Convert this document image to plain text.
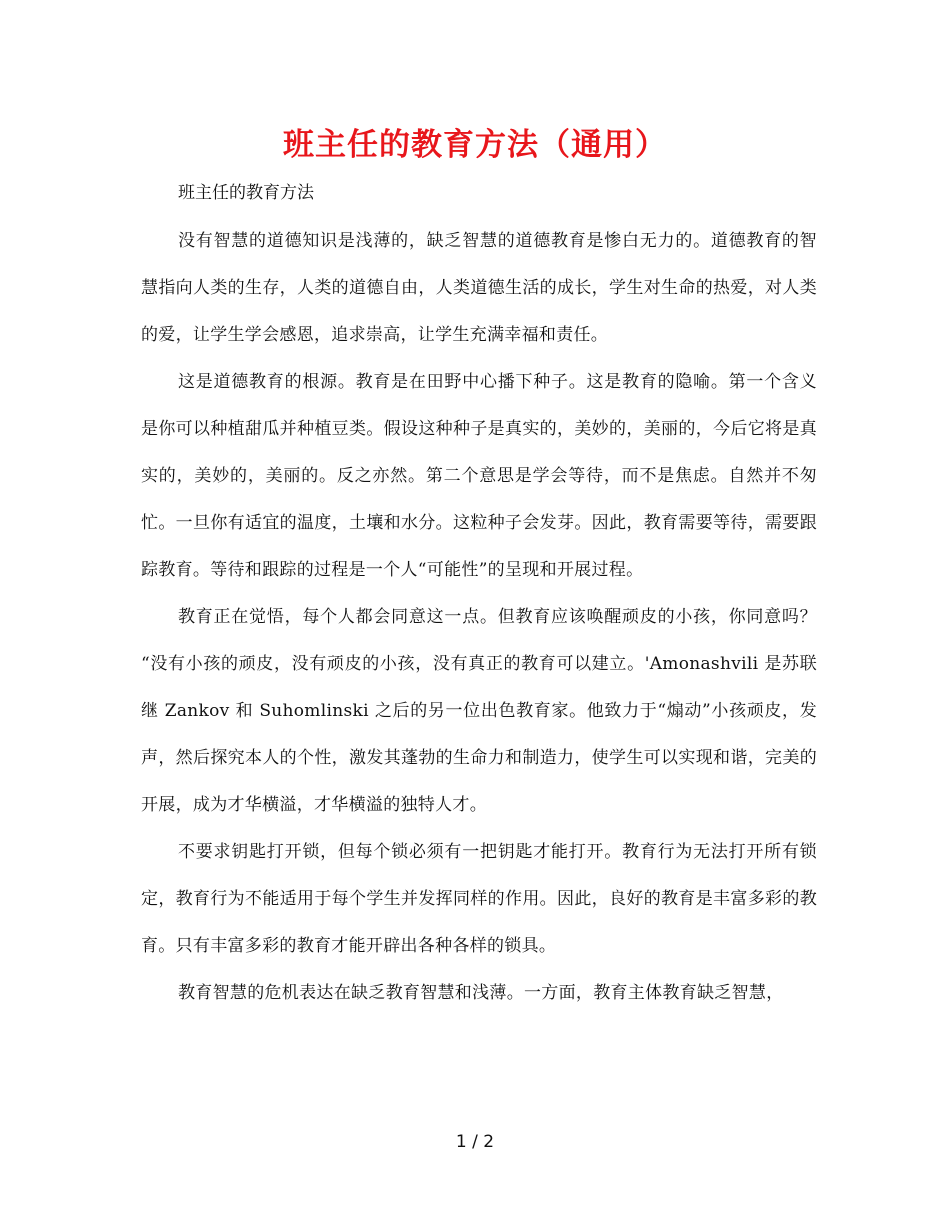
班主任的教育方法（通用）

班主任的教育方法

没有智慧的道德知识是浅薄的，缺乏智慧的道德教育是惨白无力的。道德教育的智慧指向人类的生存，人类的道德自由，人类道德生活的成长，学生对生命的热爱，对人类的爱，让学生学会感恩，追求崇高，让学生充满幸福和责任。

这是道德教育的根源。教育是在田野中心播下种子。这是教育的隐喻。第一个含义是你可以种植甜瓜并种植豆类。假设这种种子是真实的，美妙的，美丽的，今后它将是真实的，美妙的，美丽的。反之亦然。第二个意思是学会等待，而不是焦虑。自然并不匆忙。一旦你有适宜的温度，土壤和水分。这粒种子会发芽。因此，教育需要等待，需要跟踪教育。等待和跟踪的过程是一个人“可能性”的呈现和开展过程。

教育正在觉悟，每个人都会同意这一点。但教育应该唤醒顽皮的小孩，你同意吗？ “没有小孩的顽皮，没有顽皮的小孩，没有真正的教育可以建立。'Amonashvili 是苏联继 Zankov 和 Suhomlinski 之后的另一位出色教育家。他致力于“煽动”小孩顽皮，发声，然后探究本人的个性，激发其蓬勃的生命力和制造力，使学生可以实现和谐，完美的开展，成为才华横溢，才华横溢的独特人才。

不要求钥匙打开锁，但每个锁必须有一把钥匙才能打开。教育行为无法打开所有锁定，教育行为不能适用于每个学生并发挥同样的作用。因此，良好的教育是丰富多彩的教育。只有丰富多彩的教育才能开辟出各种各样的锁具。

教育智慧的危机表达在缺乏教育智慧和浅薄。一方面，教育主体教育缺乏智慧，

1 / 2
